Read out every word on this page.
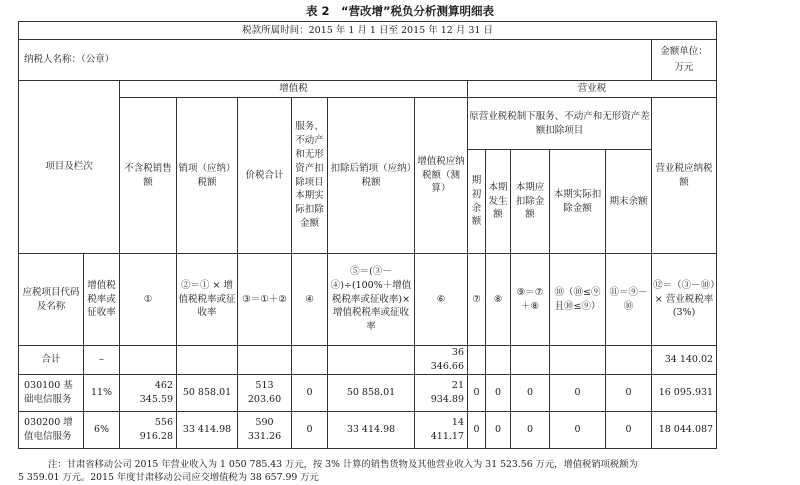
表 2　“营改增”税负分析测算明细表
税款所属时间：2015 年 1 月 1 日至 2015 年 12 月 31 日													
纳税人名称：（公章）													金额单位：
万元

项目及栏次		增值税						营业税					
		不含税销售额	销项（应纳）税额	价税合计	服务、不动产和无形资产扣除项目本期实际扣除金额	扣除后销项（应纳）税额	增值税应纳税额（测算）	原营业税税制下服务、不动产和无形资产差额扣除项目					营业税应纳税额
								期初余额	本期发生额	本期应扣除金额	本期实际扣除金额	期末余额	

应税项目代码及名称	增值税税率或征收率	①	②＝① × 增值税税率或征收率	③＝①＋②	④	⑤＝(③－④)÷(100%＋增值税税率或征收率)× 增值税税率或征收率	⑥	⑦	⑧	⑨＝⑦＋⑧	⑩（⑩≤⑨且⑩≤⑨）	⑪＝⑨－⑩	⑫＝（③－⑩）× 营业税税率(3%)
合计	–						36 346.66						34 140.02
030100 基础电信服务	11%	462 345.59	50 858.01	513 203.60	0	50 858.01	21 934.89	0	0	0	0	0	16 095.931
030200 增值电信服务	6%	556 916.28	33 414.98	590 331.26	0	33 414.98	14 411.17	0	0	0	0	0	18 044.087
注：甘肃省移动公司 2015 年营业收入为 1 050 785.43 万元，按 3% 计算的销售货物及其他营业收入为 31 523.56 万元，增值税销项税额为
5 359.01 万元。2015 年度甘肃移动公司应交增值税为 38 657.99 万元
